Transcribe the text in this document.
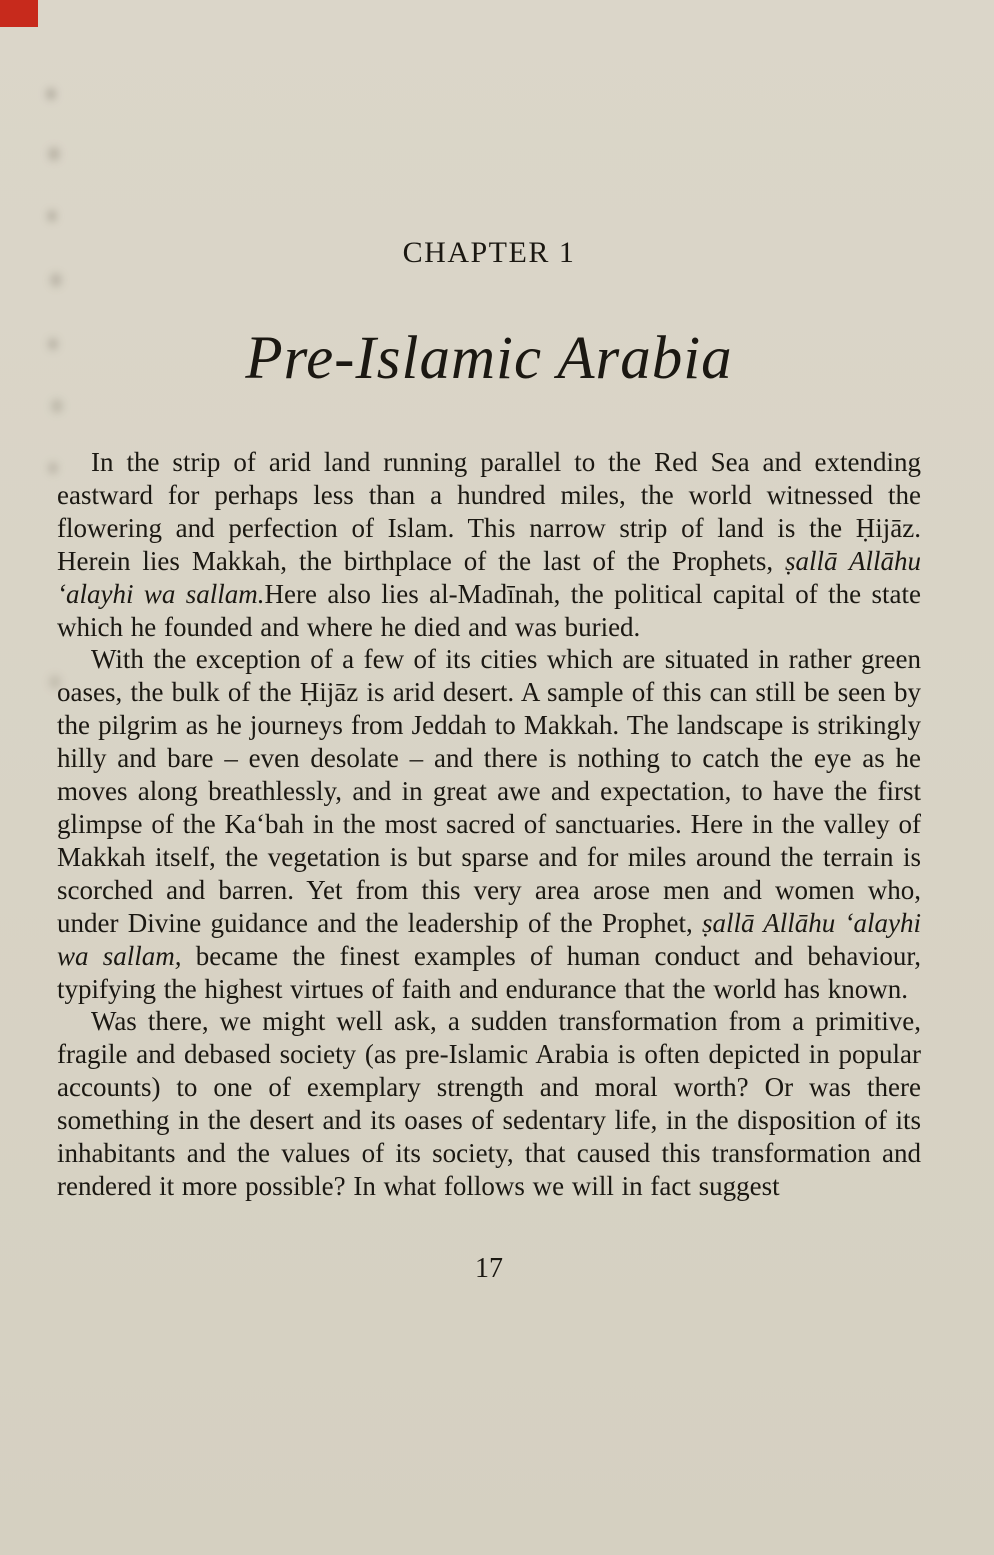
CHAPTER 1
Pre-Islamic Arabia

In the strip of arid land running parallel to the Red Sea and extending eastward for perhaps less than a hundred miles, the world witnessed the flowering and perfection of Islam. This narrow strip of land is the Ḥijāz. Herein lies Makkah, the birthplace of the last of the Prophets, ṣallā Allāhu ‘alayhi wa sallam.Here also lies al-Madīnah, the political capital of the state which he founded and where he died and was buried.

With the exception of a few of its cities which are situated in rather green oases, the bulk of the Ḥijāz is arid desert. A sample of this can still be seen by the pilgrim as he journeys from Jeddah to Makkah. The landscape is strikingly hilly and bare – even desolate – and there is nothing to catch the eye as he moves along breathlessly, and in great awe and expectation, to have the first glimpse of the Ka‘bah in the most sacred of sanctuaries. Here in the valley of Makkah itself, the vegetation is but sparse and for miles around the terrain is scorched and barren. Yet from this very area arose men and women who, under Divine guidance and the leadership of the Prophet, ṣallā Allāhu ‘alayhi wa sallam, became the finest examples of human conduct and behaviour, typifying the highest virtues of faith and endurance that the world has known.

Was there, we might well ask, a sudden transformation from a primitive, fragile and debased society (as pre-Islamic Arabia is often depicted in popular accounts) to one of exemplary strength and moral worth? Or was there something in the desert and its oases of sedentary life, in the disposition of its inhabitants and the values of its society, that caused this transformation and rendered it more possible? In what follows we will in fact suggest

17
